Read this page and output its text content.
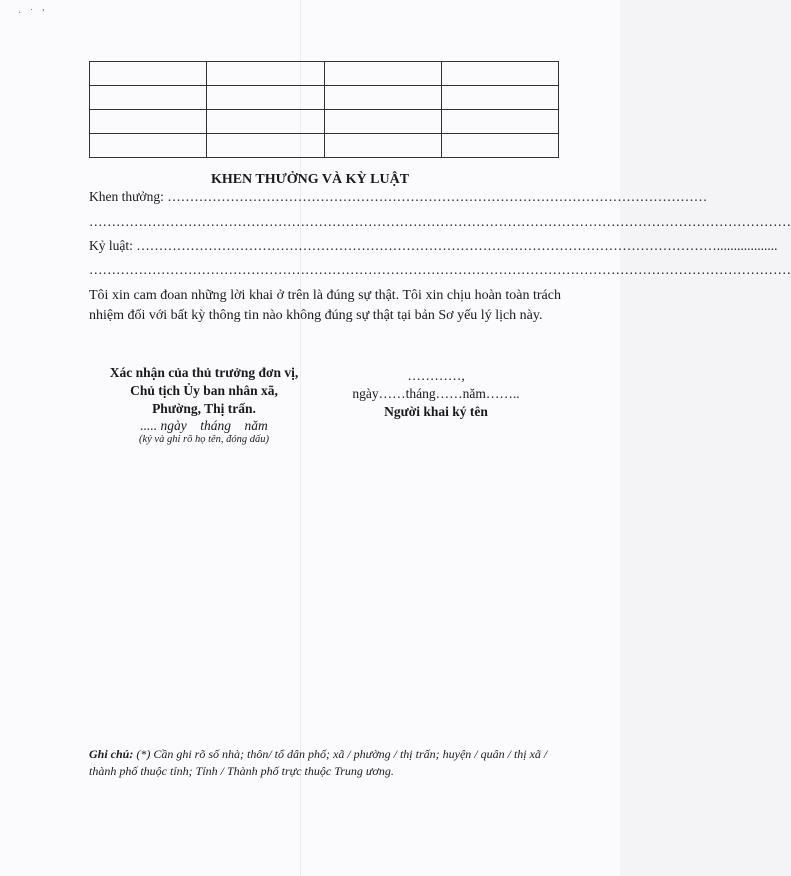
· ˙ ’

KHEN THƯỞNG VÀ KỲ LUẬT
Khen thưởng: …………………………………………………………………………………………………………
…………………………………………………………………………………………………………………………………………
Kỷ luật: …………………………………………………………………………………………………………………..................
…………………………………………………………………………………………………………………………………………
Tôi xin cam đoan những lời khai ở trên là đúng sự thật. Tôi xin chịu hoàn toàn trách nhiệm đối với bất kỳ thông tin nào không đúng sự thật tại bản Sơ yếu lý lịch này.
Xác nhận của thủ trưởng đơn vị,
Chủ tịch Ủy ban nhân xã,
Phường, Thị trấn.
..... ngày    tháng    năm
(ký và ghi rõ họ tên, đóng dấu)
…………,
ngày……tháng……năm……..
Người khai ký tên
Ghi chú: (*) Cần ghi rõ số nhà; thôn/ tổ dân phố; xã / phường / thị trấn; huyện / quân / thị xã / thành phố thuộc tỉnh; Tỉnh / Thành phố trực thuộc Trung ương.
